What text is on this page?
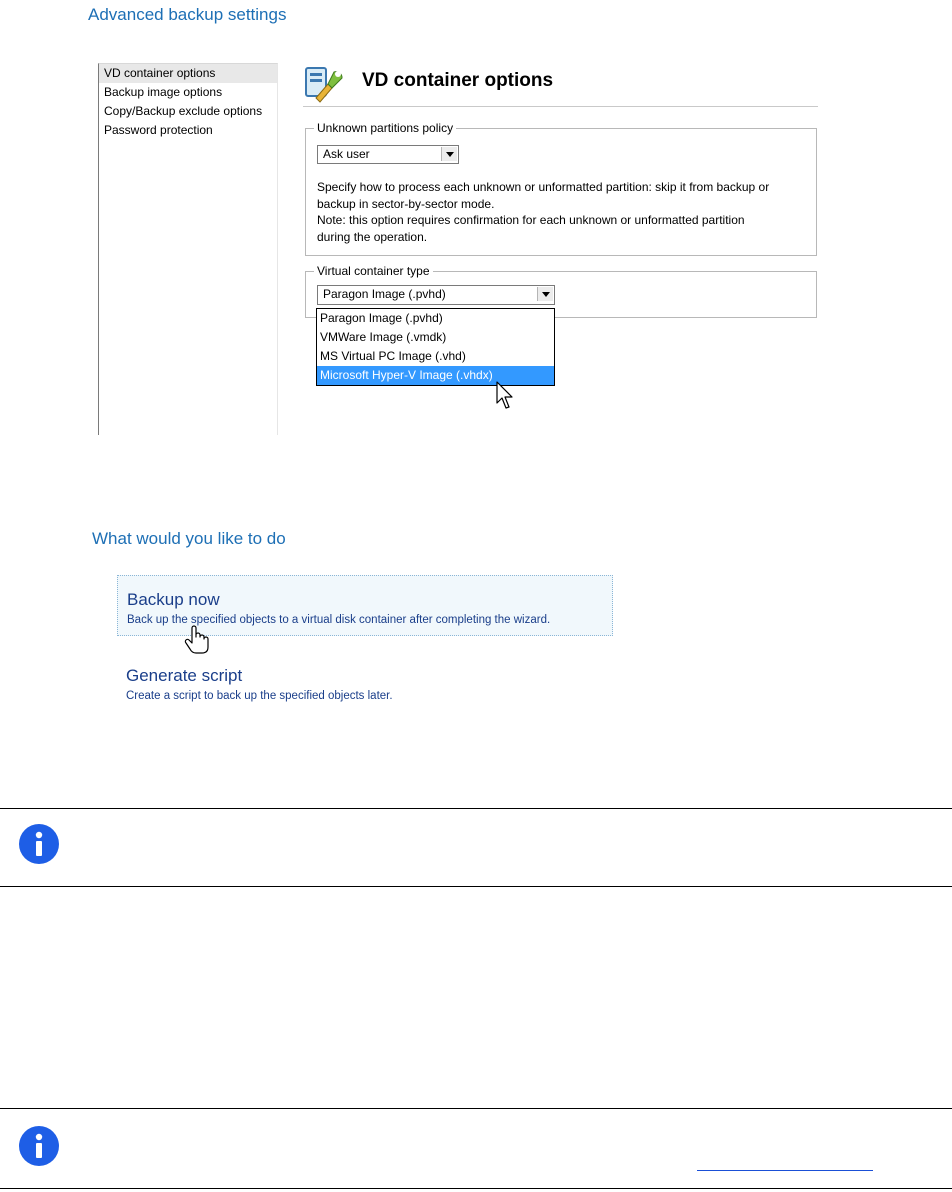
Advanced backup settings
VD container options
Backup image options
Copy/Backup exclude options
Password protection
VD container options
Unknown partitions policy
Ask user
Specify how to process each unknown or unformatted partition: skip it from backup or
backup in sector-by-sector mode.
Note: this option requires confirmation for each unknown or unformatted partition
during the operation.
Virtual container type
Paragon Image (.pvhd)
Paragon Image (.pvhd)
VMWare Image (.vmdk)
MS Virtual PC Image (.vhd)
Microsoft Hyper-V Image (.vhdx)
What would you like to do
Backup now
Back up the specified objects to a virtual disk container after completing the wizard.
Generate script
Create a script to back up the specified objects later.
